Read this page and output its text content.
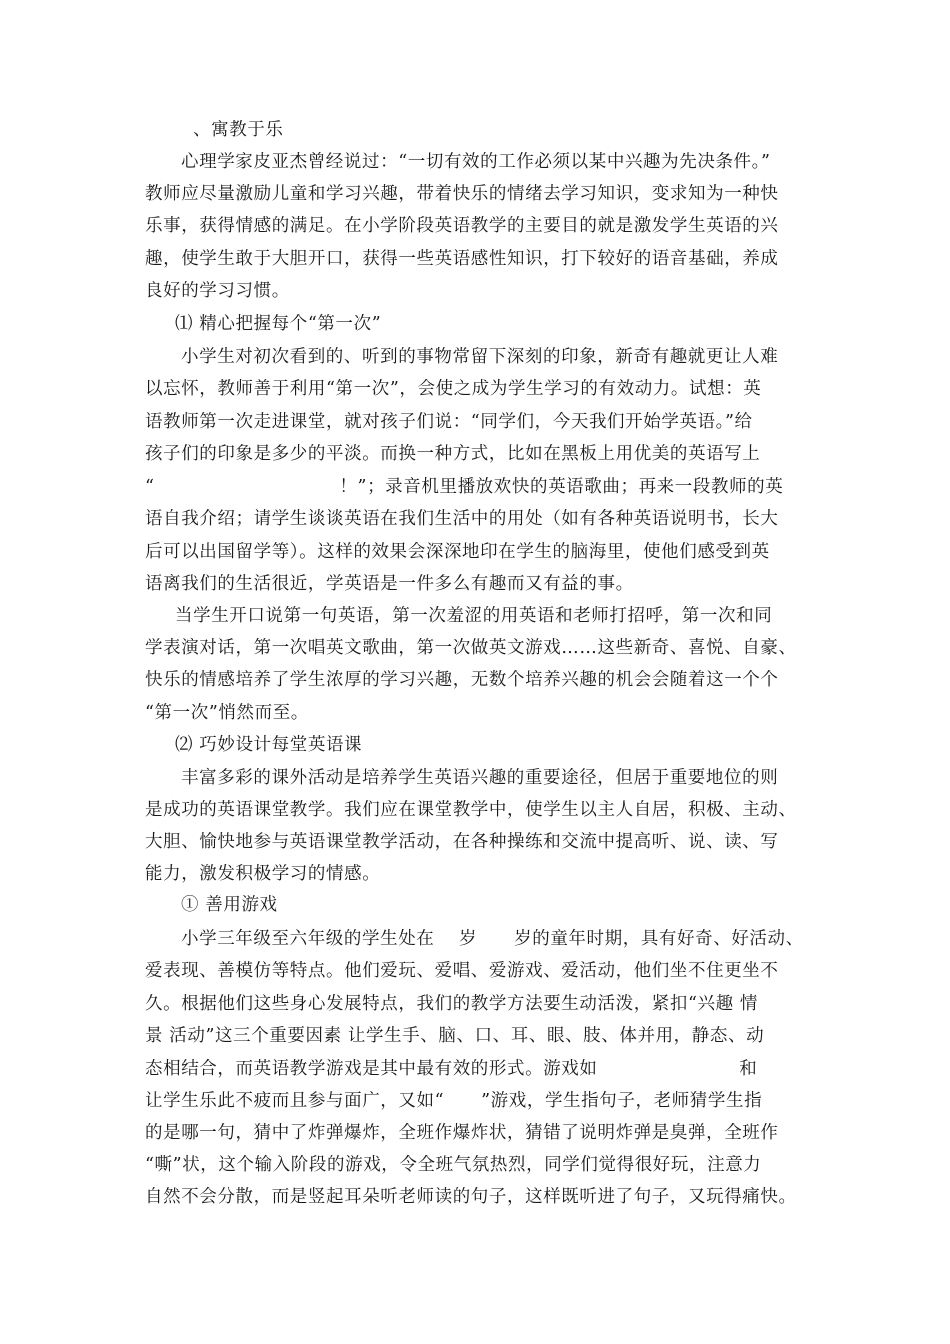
、寓教于乐
心理学家皮亚杰曾经说过：“一切有效的工作必须以某中兴趣为先决条件。”
教师应尽量激励儿童和学习兴趣，带着快乐的情绪去学习知识，变求知为一种快
乐事，获得情感的满足。在小学阶段英语教学的主要目的就是激发学生英语的兴
趣，使学生敢于大胆开口，获得一些英语感性知识，打下较好的语音基础，养成
良好的学习习惯。
⑴ 精心把握每个“第一次”
小学生对初次看到的、听到的事物常留下深刻的印象，新奇有趣就更让人难
以忘怀，教师善于利用“第一次”，会使之成为学生学习的有效动力。试想：英
语教师第一次走进课堂，就对孩子们说：“同学们，今天我们开始学英语。”给
孩子们的印象是多少的平淡。而换一种方式，比如在黑板上用优美的英语写上
“                              ！”；录音机里播放欢快的英语歌曲；再来一段教师的英
语自我介绍；请学生谈谈英语在我们生活中的用处（如有各种英语说明书，长大
后可以出国留学等）。这样的效果会深深地印在学生的脑海里，使他们感受到英
语离我们的生活很近，学英语是一件多么有趣而又有益的事。
当学生开口说第一句英语，第一次羞涩的用英语和老师打招呼，第一次和同
学表演对话，第一次唱英文歌曲，第一次做英文游戏……这些新奇、喜悦、自豪、
快乐的情感培养了学生浓厚的学习兴趣，无数个培养兴趣的机会会随着这一个个
“第一次”悄然而至。
⑵ 巧妙设计每堂英语课
丰富多彩的课外活动是培养学生英语兴趣的重要途径，但居于重要地位的则
是成功的英语课堂教学。我们应在课堂教学中，使学生以主人自居，积极、主动、
大胆、愉快地参与英语课堂教学活动，在各种操练和交流中提高听、说、读、写
能力，激发积极学习的情感。
① 善用游戏
小学三年级至六年级的学生处在    岁      岁的童年时期，具有好奇、好活动、
爱表现、善模仿等特点。他们爱玩、爱唱、爱游戏、爱活动，他们坐不住更坐不
久。根据他们这些身心发展特点，我们的教学方法要生动活泼，紧扣“兴趣 情
景 活动”这三个重要因素 让学生手、脑、口、耳、眼、肢、体并用，静态、动
态相结合，而英语教学游戏是其中最有效的形式。游戏如                       和
让学生乐此不疲而且参与面广，又如“      ”游戏，学生指句子，老师猜学生指
的是哪一句，猜中了炸弹爆炸，全班作爆炸状，猜错了说明炸弹是臭弹，全班作
“嘶”状，这个输入阶段的游戏，令全班气氛热烈，同学们觉得很好玩，注意力
自然不会分散，而是竖起耳朵听老师读的句子，这样既听进了句子，又玩得痛快。
